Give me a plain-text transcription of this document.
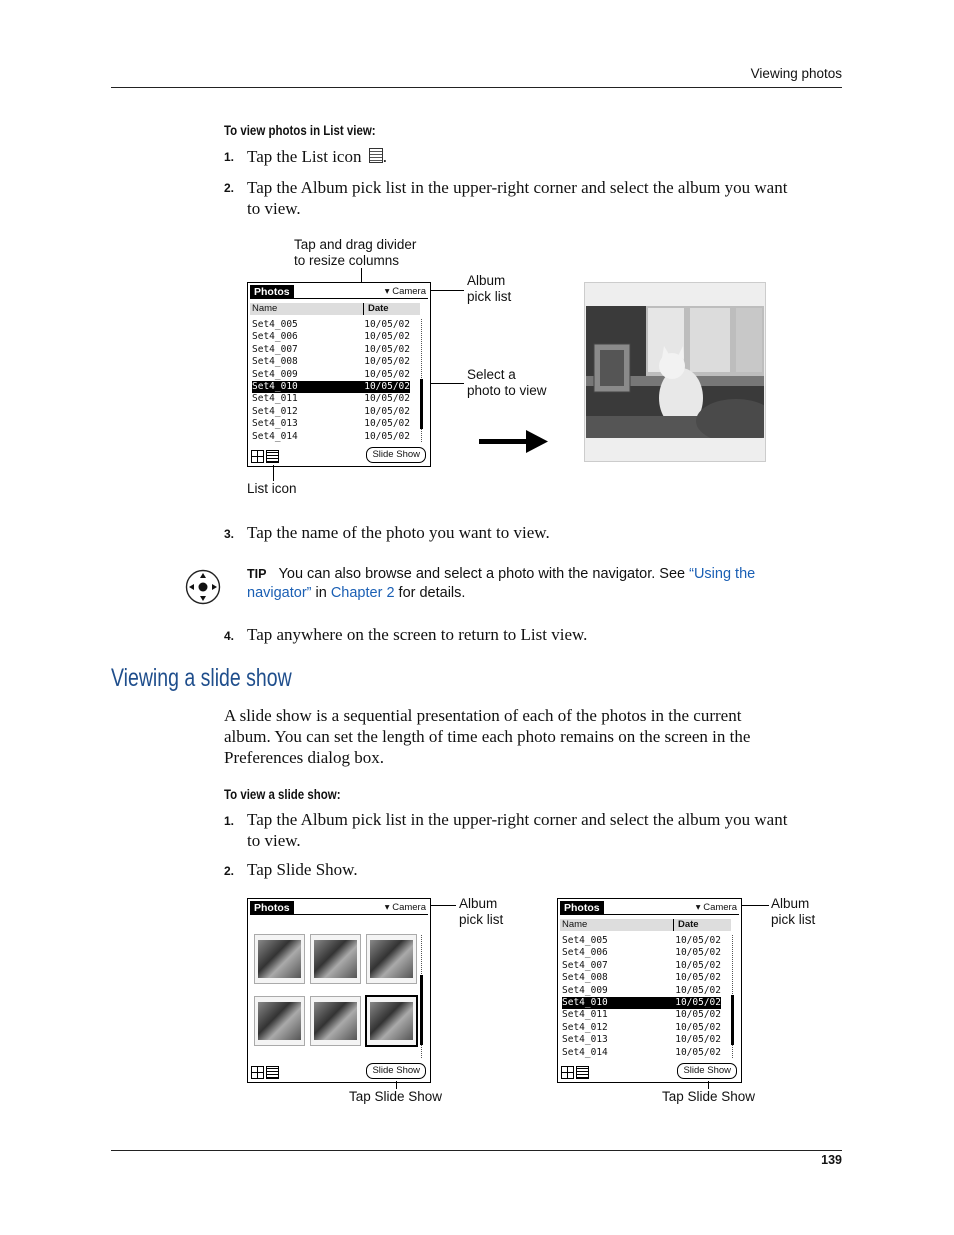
Viewing photos
To view photos in List view:
1. Tap the List icon .
2. Tap the Album pick list in the upper-right corner and select the album you want
to view.
Tap and drag divider
to resize columns
Album
pick list
Select a
photo to view
Photos	▾ Camera
Name	Date
Set4_005	10/05/02
Set4_006	10/05/02
Set4_007	10/05/02
Set4_008	10/05/02
Set4_009	10/05/02
Set4_010	10/05/02
Set4_011	10/05/02
Set4_012	10/05/02
Set4_013	10/05/02
Set4_014	10/05/02
Slide Show
List icon
3. Tap the name of the photo you want to view.
TIP You can also browse and select a photo with the navigator. See “Using the
navigator” in Chapter 2 for details.
4. Tap anywhere on the screen to return to List view.
Viewing a slide show
A slide show is a sequential presentation of each of the photos in the current
album. You can set the length of time each photo remains on the screen in the
Preferences dialog box.
To view a slide show:
1. Tap the Album pick list in the upper-right corner and select the album you want
to view.
2. Tap Slide Show.
Photos	▾ Camera
Slide Show
Album
pick list
Tap Slide Show
Photos	▾ Camera
Name	Date
Set4_005	10/05/02
Set4_006	10/05/02
Set4_007	10/05/02
Set4_008	10/05/02
Set4_009	10/05/02
Set4_010	10/05/02
Set4_011	10/05/02
Set4_012	10/05/02
Set4_013	10/05/02
Set4_014	10/05/02
Slide Show
Album
pick list
Tap Slide Show
139
